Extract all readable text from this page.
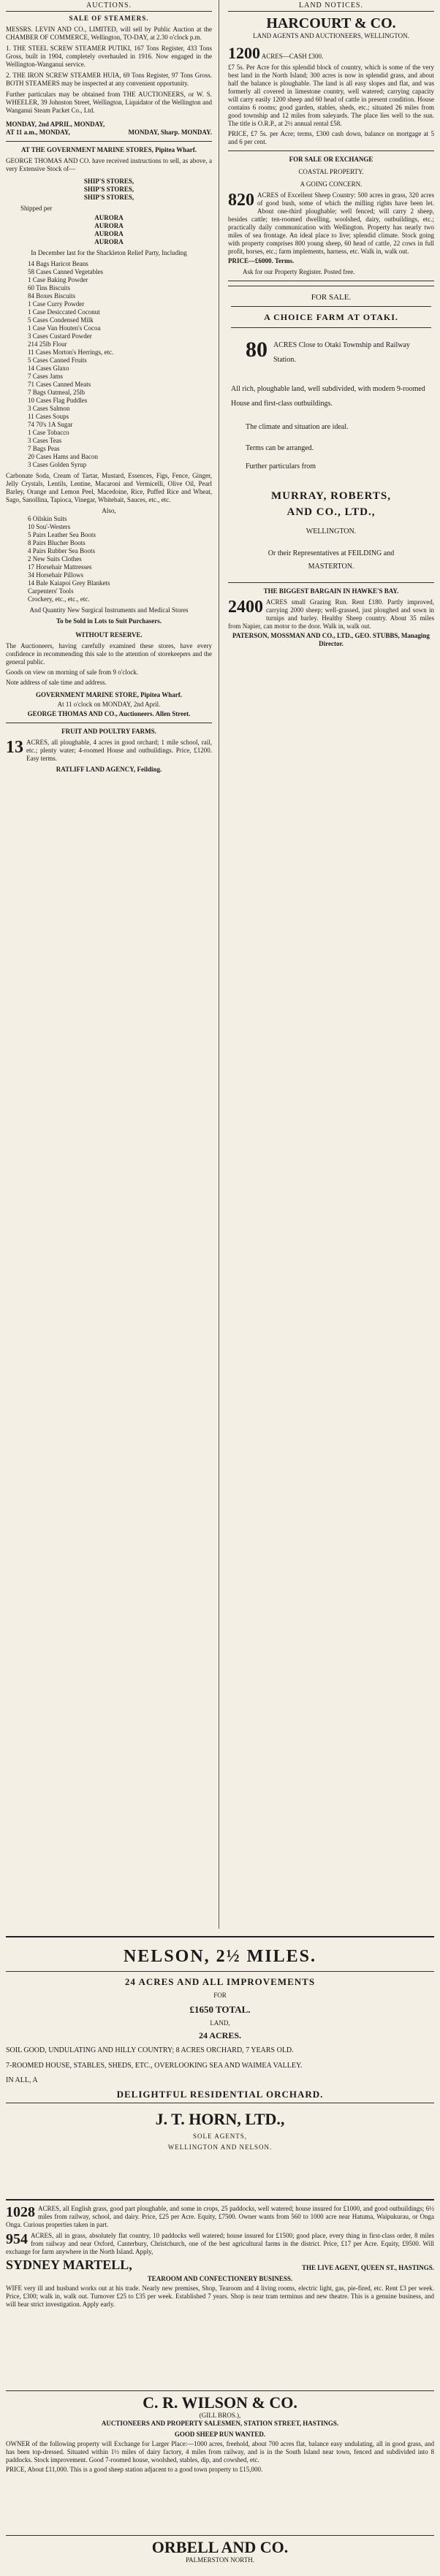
AUCTIONS.
SALE OF STEAMERS.
MESSRS. LEVIN AND CO., LIMITED, will sell by Public Auction at the CHAMBER OF COMMERCE, Wellington, TO-DAY, at 2.30 o'clock p.m.
1. THE STEEL SCREW STEAMER PUTIKI, 167 Tons Register, 433 Tons Gross, built in 1904, completely overhauled in 1916. Now engaged in the Wellington-Wanganui service.
2. THE IRON SCREW STEAMER HUIA, 69 Tons Register, 97 Tons Gross. BOTH STEAMERS may be inspected at any convenient opportunity.
Further particulars may be obtained from THE AUCTIONEERS, or W. S. WHEELER, 39 Johnston Street, Wellington, Liquidator of the Wellington and Wanganui Steam Packet Co., Ltd.
MONDAY, 2nd APRIL, MONDAY,
AT 11 a.m., MONDAY,	MONDAY, Sharp. MONDAY.
AT THE GOVERNMENT MARINE STORES, Pipitea Wharf.
GEORGE THOMAS AND CO. have received instructions to sell, as above, a very Extensive Stock of—
SHIP'S STORES,
SHIP'S STORES,
SHIP'S STORES,
Shipped per
AURORA
AURORA
AURORA
AURORA
In December last for the Shackleton Relief Party, Including
14 Bags Haricot Beans
58 Cases Canned Vegetables
1 Case Baking Powder
60 Tins Biscuits
84 Boxes Biscuits
1 Case Curry Powder
1 Case Desiccated Coconut
5 Cases Condensed Milk
1 Case Van Houten's Cocoa
3 Cases Custard Powder
214 25lb Flour
11 Cases Morton's Herrings, etc.
5 Cases Canned Fruits
14 Cases Glaxo
7 Cases Jams
71 Cases Canned Meats
7 Bags Oatmeal, 25lb
10 Cases Flag Puddles
3 Cases Salmon
11 Cases Soups
74 70's 1A Sugar
1 Case Tobacco
3 Cases Teas
7 Bags Peas
20 Cases Hams and Bacon
3 Cases Golden Syrup
Carbonate Soda, Cream of Tartar, Mustard, Essences, Figs, Fence, Ginger, Jelly Crystals, Lentils, Lentine, Macaroni and Vermicelli, Olive Oil, Pearl Barley, Orange and Lemon Peel, Macedoine, Rice, Puffed Rice and Wheat, Sago, Sanollina, Tapioca, Vinegar, Whitebait, Sauces, etc., etc.
Also,
6 Oilskin Suits
10 Sou'-Westers
5 Pairs Leather Sea Boots
8 Pairs Blucher Boots
4 Pairs Rubber Sea Boots
2 New Suits Clothes
17 Horsehair Mattresses
34 Horsehair Pillows
14 Bale Kaiapoi Grey Blankets
Carpenters' Tools
Crockery, etc., etc., etc.
And Quantity New Surgical Instruments and Medical Stores
To be Sold in Lots to Suit Purchasers.
WITHOUT RESERVE.
The Auctioneers, having carefully examined these stores, have every confidence in recommending this sale to the attention of storekeepers and the general public.
Goods on view on morning of sale from 9 o'clock.
Note address of sale time and address.
GOVERNMENT MARINE STORE, Pipitea Wharf.
At 11 o'clock on MONDAY, 2nd April.
GEORGE THOMAS AND CO., Auctioneers. Allen Street.
FRUIT AND POULTRY FARMS.
13 ACRES, all ploughable, 4 acres in good orchard; 1 mile school, rail, etc.; plenty water; 4-roomed House and outbuildings. Price, £1200. Easy terms.
RATLIFF LAND AGENCY, Feilding.
LAND NOTICES.
HARCOURT & CO.
LAND AGENTS AND AUCTIONEERS, WELLINGTON.
1200 ACRES—CASH £300.
£7 5s. Per Acre for this splendid block of country, which is some of the very best land in the North Island; 300 acres is now in splendid grass, and about half the balance is ploughable. The land is all easy slopes and flat, and was formerly all covered in limestone country, well watered; carrying capacity will carry easily 1200 sheep and 60 head of cattle in present condition. House contains 6 rooms; good garden, stables, sheds, etc.; situated 26 miles from good township and 12 miles from saleyards. The place lies well to the sun. The title is O.R.P., at 2½ annual rental £58.
PRICE, £7 5s. per Acre; terms, £300 cash down, balance on mortgage at 5 and 6 per cent.
FOR SALE OR EXCHANGE
COASTAL PROPERTY.
A GOING CONCERN.
820 ACRES of Excellent Sheep Country: 500 acres in grass, 320 acres of good bush, some of which the milling rights have been let. About one-third ploughable; well fenced; will carry 2 sheep, besides cattle; ten-roomed dwelling, woolshed, dairy, outbuildings, etc.; practically daily communication with Wellington. Property has nearly two miles of sea frontage. An ideal place to live; splendid climate. Stock going with property comprises 800 young sheep, 60 head of cattle, 22 cows in full profit, horses, etc.; farm implements, harness, etc. Walk in, walk out.
PRICE—£6000. Terms.
Ask for our Property Register. Posted free.
FOR SALE.
A CHOICE FARM AT OTAKI.
80 ACRES Close to Otaki Township and Railway Station.
All rich, ploughable land, well subdivided, with modern 9-roomed House and first-class outbuildings.
The climate and situation are ideal.
Terms can be arranged.
Further particulars from
MURRAY, ROBERTS, AND CO., LTD.,
WELLINGTON.
Or their Representatives at FEILDING and MASTERTON.
THE BIGGEST BARGAIN IN HAWKE'S BAY.
2400 ACRES small Grazing Run. Rent £180. Partly improved, carrying 2000 sheep; well-grassed, just ploughed and sown in turnips and barley. Healthy Sheep country. About 35 miles from Napier, can motor to the door. Walk in, walk out.
PATERSON, MOSSMAN AND CO., LTD., GEO. STUBBS, Managing Director.
NELSON, 2½ MILES.
24 ACRES AND ALL IMPROVEMENTS
FOR
£1650 TOTAL.
LAND,
24 ACRES.
SOIL GOOD, UNDULATING AND HILLY COUNTRY; 8 ACRES ORCHARD, 7 YEARS OLD.
7-ROOMED HOUSE, STABLES, SHEDS, ETC., OVERLOOKING SEA AND WAIMEA VALLEY.
IN ALL, A
DELIGHTFUL RESIDENTIAL ORCHARD.
J. T. HORN, LTD.,
SOLE AGENTS,
WELLINGTON AND NELSON.
1028 ACRES, all English grass, good part ploughable, and some in crops, 25 paddocks, well watered; house insured for £1000, and good outbuildings; 6½ miles from railway, school, and dairy. Price, £25 per Acre. Equity, £7500. Owner wants from 560 to 1000 acre near Hatuma, Waipukurau, or Onga Onga. Curious properties taken in part.
954 ACRES, all in grass, absolutely flat country, 10 paddocks well watered; house insured for £1500; good place, every thing in first-class order, 8 miles from railway and near Oxford, Canterbury, Christchurch, one of the best agricultural farms in the district. Price, £17 per Acre. Equity, £9500. Will exchange for farm anywhere in the North Island. Apply,
SYDNEY MARTELL,	THE LIVE AGENT, QUEEN ST., HASTINGS.
TEAROOM AND CONFECTIONERY BUSINESS.
WIFE very ill and husband works out at his trade. Nearly new premises, Shop, Tearoom and 4 living rooms, electric light, gas, pie-fired, etc. Rent £3 per week. Price, £300; walk in, walk out. Turnover £25 to £35 per week. Established 7 years. Shop is near tram terminus and new theatre. This is a genuine business, and will bear strict investigation. Apply early.
C. R. WILSON & CO.
(GILL BROS.),
AUCTIONEERS AND PROPERTY SALESMEN, STATION STREET, HASTINGS.
GOOD SHEEP RUN WANTED.
OWNER of the following property will Exchange for Larger Place:—1000 acres, freehold, about 700 acres flat, balance easy undulating, all in good grass, and has been top-dressed. Situated within 1½ miles of dairy factory, 4 miles from railway, and is in the South Island near town, fenced and subdivided into 8 paddocks. Stock improvement. Good 7-roomed house, woolshed, stables, dip, and cowshed, etc.
PRICE, About £11,000. This is a good sheep station adjacent to a good town property to £15,000.
ORBELL AND CO.
PALMERSTON NORTH.
